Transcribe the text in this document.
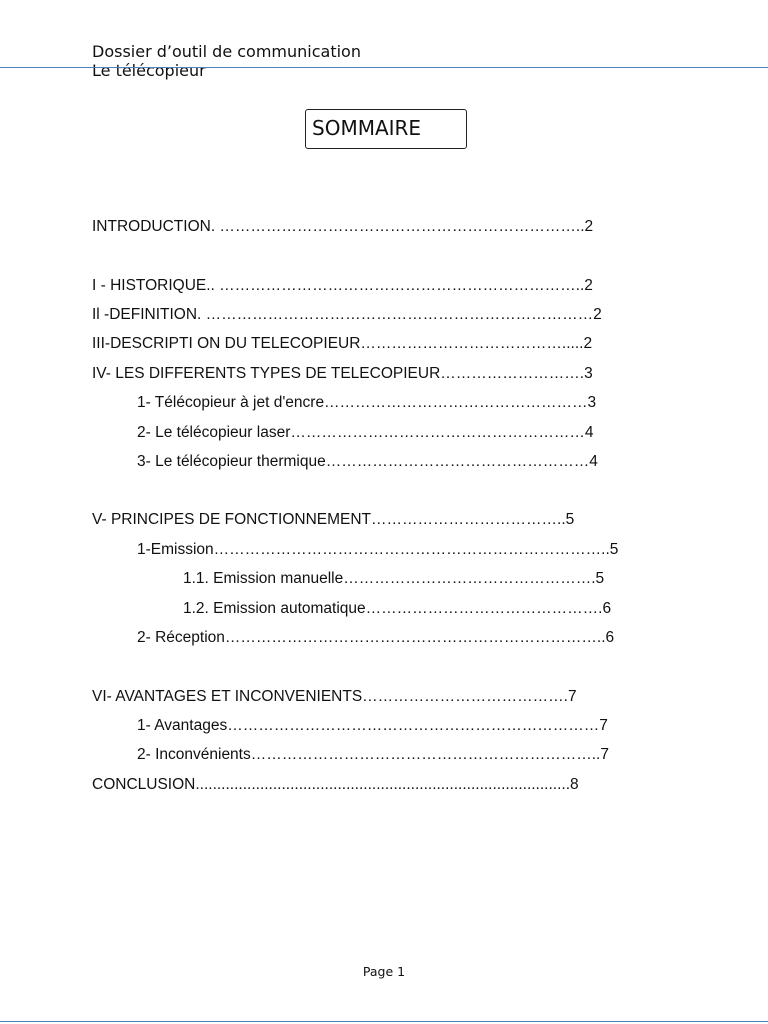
Dossier d’outil de communication
Le télécopieur
SOMMAIRE
INTRODUCTION. ……………………………………………………………..2
I - HISTORIQUE.. ……………………………………………………………..2
Il -DEFINITION. …………………………………………………………………2
III-DESCRIPTI ON DU TELECOPIEUR………………………………….....2
IV- LES DIFFERENTS TYPES DE TELECOPIEUR……………………….3
1- Télécopieur à jet d'encre……………………………………………3
2- Le télécopieur laser…………………………………………………4
3- Le télécopieur thermique……………………………………………4
V- PRINCIPES DE FONCTIONNEMENT………………………………..5
1-Emission…………………………………………………………………..5
1.1. Emission manuelle………………………………………….5
1.2. Emission automatique……………………………………….6
2- Réception………………………………………………………………..6
VI- AVANTAGES ET INCONVENIENTS………………………………….7
1- Avantages………………………………………………………………7
2- Inconvénients…………………………………………………………..7
CONCLUSION.......................................................................................8
Page 1
